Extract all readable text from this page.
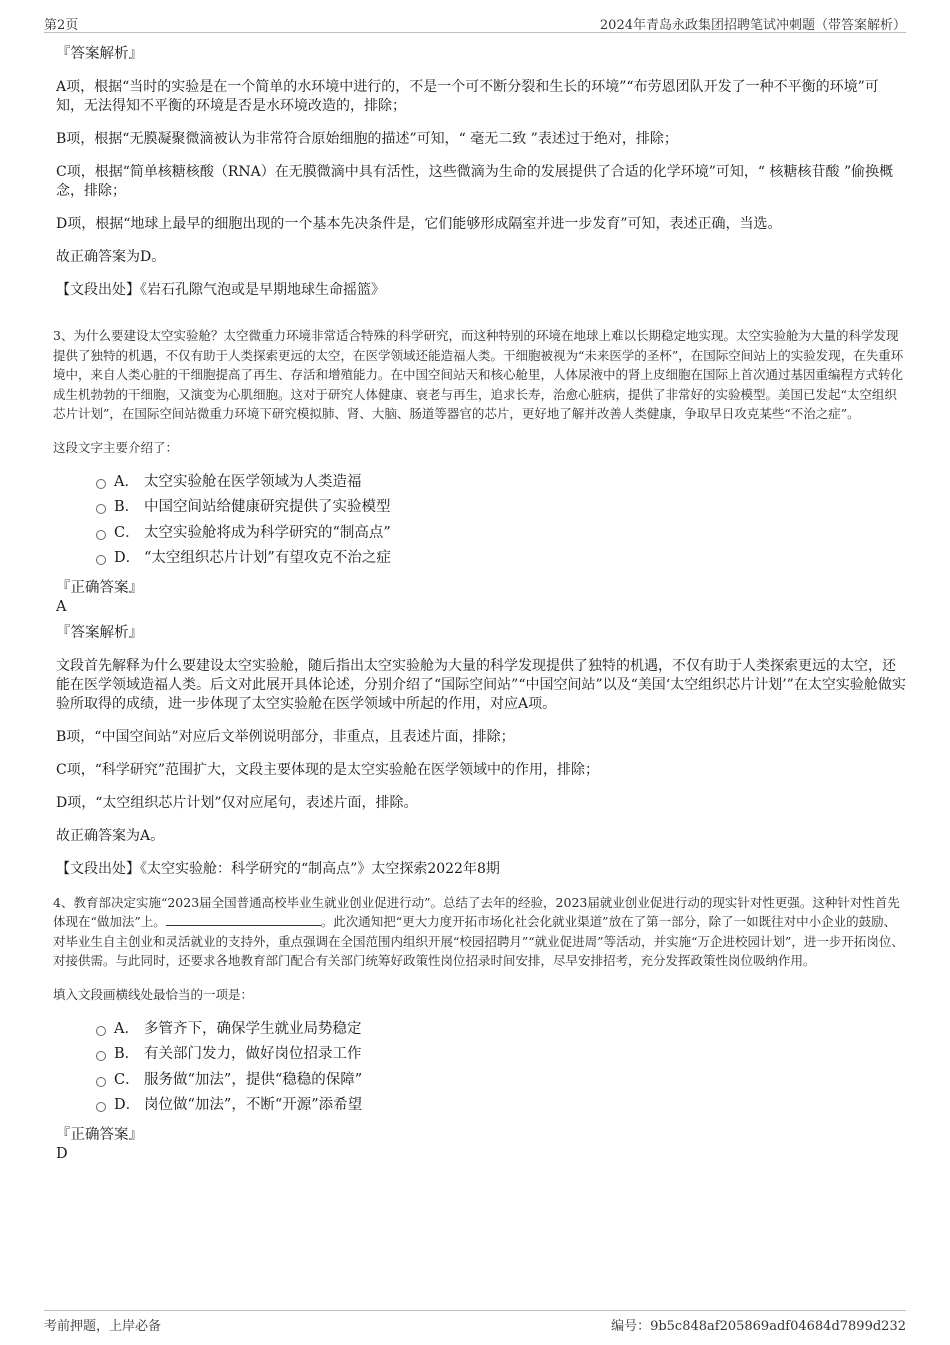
第2页	2024年青岛永政集团招聘笔试冲刺题（带答案解析）

『答案解析』

A项，根据“当时的实验是在一个简单的水环境中进行的，不是一个可不断分裂和生长的环境”“布劳恩团队开发了一种不平衡的环境”可知，无法得知不平衡的环境是否是水环境改造的，排除；

B项，根据“无膜凝聚微滴被认为非常符合原始细胞的描述”可知，“ 毫无二致 ”表述过于绝对，排除；

C项，根据“简单核糖核酸（RNA）在无膜微滴中具有活性，这些微滴为生命的发展提供了合适的化学环境”可知，“ 核糖核苷酸 ”偷换概念，排除；

D项，根据“地球上最早的细胞出现的一个基本先决条件是，它们能够形成隔室并进一步发育”可知，表述正确，当选。

故正确答案为D。

【文段出处】《岩石孔隙气泡或是早期地球生命摇篮》

3、为什么要建设太空实验舱？太空微重力环境非常适合特殊的科学研究，而这种特别的环境在地球上难以长期稳定地实现。太空实验舱为大量的科学发现提供了独特的机遇，不仅有助于人类探索更远的太空，在医学领域还能造福人类。干细胞被视为“未来医学的圣杯”，在国际空间站上的实验发现，在失重环境中，来自人类心脏的干细胞提高了再生、存活和增殖能力。在中国空间站天和核心舱里，人体尿液中的肾上皮细胞在国际上首次通过基因重编程方式转化成生机勃勃的干细胞，又演变为心肌细胞。这对于研究人体健康、衰老与再生，追求长寿，治愈心脏病，提供了非常好的实验模型。美国已发起“太空组织芯片计划”，在国际空间站微重力环境下研究模拟肺、肾、大脑、肠道等器官的芯片，更好地了解并改善人类健康，争取早日攻克某些“不治之症”。

这段文字主要介绍了：

A． 太空实验舱在医学领域为人类造福
B． 中国空间站给健康研究提供了实验模型
C． 太空实验舱将成为科学研究的“制高点”
D． “太空组织芯片计划”有望攻克不治之症

『正确答案』

A

『答案解析』

文段首先解释为什么要建设太空实验舱，随后指出太空实验舱为大量的科学发现提供了独特的机遇，不仅有助于人类探索更远的太空，还能在医学领域造福人类。后文对此展开具体论述，分别介绍了“国际空间站”“中国空间站”以及“美国‘太空组织芯片计划’”在太空实验舱做实验所取得的成绩，进一步体现了太空实验舱在医学领域中所起的作用，对应A项。

B项，“中国空间站”对应后文举例说明部分，非重点，且表述片面，排除；

C项，“科学研究”范围扩大，文段主要体现的是太空实验舱在医学领域中的作用，排除；

D项，“太空组织芯片计划”仅对应尾句，表述片面，排除。

故正确答案为A。

【文段出处】《太空实验舱：科学研究的“制高点”》太空探索2022年8期

4、教育部决定实施“2023届全国普通高校毕业生就业创业促进行动”。总结了去年的经验，2023届就业创业促进行动的现实针对性更强。这种针对性首先体现在“做加法”上。	。此次通知把“更大力度开拓市场化社会化就业渠道”放在了第一部分，除了一如既往对中小企业的鼓励、对毕业生自主创业和灵活就业的支持外，重点强调在全国范围内组织开展“校园招聘月”“就业促进周”等活动，并实施“万企进校园计划”，进一步开拓岗位、对接供需。与此同时，还要求各地教育部门配合有关部门统筹好政策性岗位招录时间安排，尽早安排招考，充分发挥政策性岗位吸纳作用。

填入文段画横线处最恰当的一项是：

A． 多管齐下，确保学生就业局势稳定
B． 有关部门发力，做好岗位招录工作
C． 服务做“加法”，提供“稳稳的保障”
D． 岗位做“加法”，不断“开源”添希望

『正确答案』

D

考前押题，上岸必备	编号：9b5c848af205869adf04684d7899d232
